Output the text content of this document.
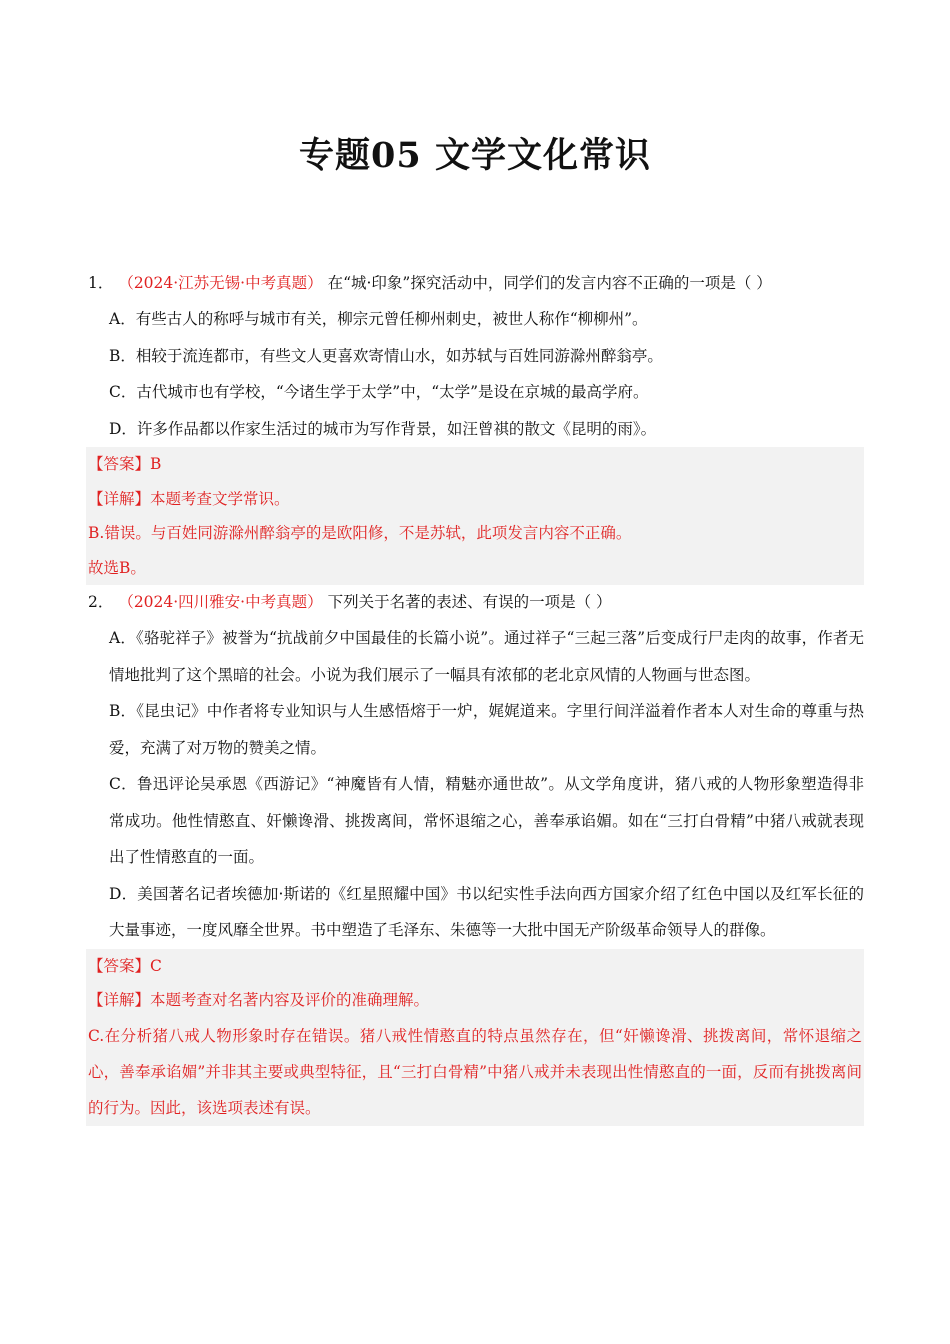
专题05 文学文化常识
1． （2024·江苏无锡·中考真题） 在“城·印象”探究活动中，同学们的发言内容不正确的一项是（ ）
A．有些古人的称呼与城市有关，柳宗元曾任柳州刺史，被世人称作“柳柳州”。
B．相较于流连都市，有些文人更喜欢寄情山水，如苏轼与百姓同游滁州醉翁亭。
C．古代城市也有学校，“今诸生学于太学”中，“太学”是设在京城的最高学府。
D．许多作品都以作家生活过的城市为写作背景，如汪曾祺的散文《昆明的雨》。
【答案】B
【详解】本题考查文学常识。
B.错误。与百姓同游滁州醉翁亭的是欧阳修，不是苏轼，此项发言内容不正确。
故选B。
2． （2024·四川雅安·中考真题） 下列关于名著的表述、有误的一项是（ ）
A．《骆驼祥子》被誉为“抗战前夕中国最佳的长篇小说”。通过祥子“三起三落”后变成行尸走肉的故事，作者无情地批判了这个黑暗的社会。小说为我们展示了一幅具有浓郁的老北京风情的人物画与世态图。
B．《昆虫记》中作者将专业知识与人生感悟熔于一炉，娓娓道来。字里行间洋溢着作者本人对生命的尊重与热爱，充满了对万物的赞美之情。
C．鲁迅评论吴承恩《西游记》“神魔皆有人情，精魅亦通世故”。从文学角度讲，猪八戒的人物形象塑造得非常成功。他性情憨直、奸懒谗滑、挑拨离间，常怀退缩之心，善奉承谄媚。如在“三打白骨精”中猪八戒就表现出了性情憨直的一面。
D．美国著名记者埃德加·斯诺的《红星照耀中国》书以纪实性手法向西方国家介绍了红色中国以及红军长征的大量事迹，一度风靡全世界。书中塑造了毛泽东、朱德等一大批中国无产阶级革命领导人的群像。
【答案】C
【详解】本题考查对名著内容及评价的准确理解。
C.在分析猪八戒人物形象时存在错误。猪八戒性情憨直的特点虽然存在，但“奸懒谗滑、挑拨离间，常怀退缩之心，善奉承谄媚”并非其主要或典型特征，且“三打白骨精”中猪八戒并未表现出性情憨直的一面，反而有挑拨离间的行为。因此，该选项表述有误。
